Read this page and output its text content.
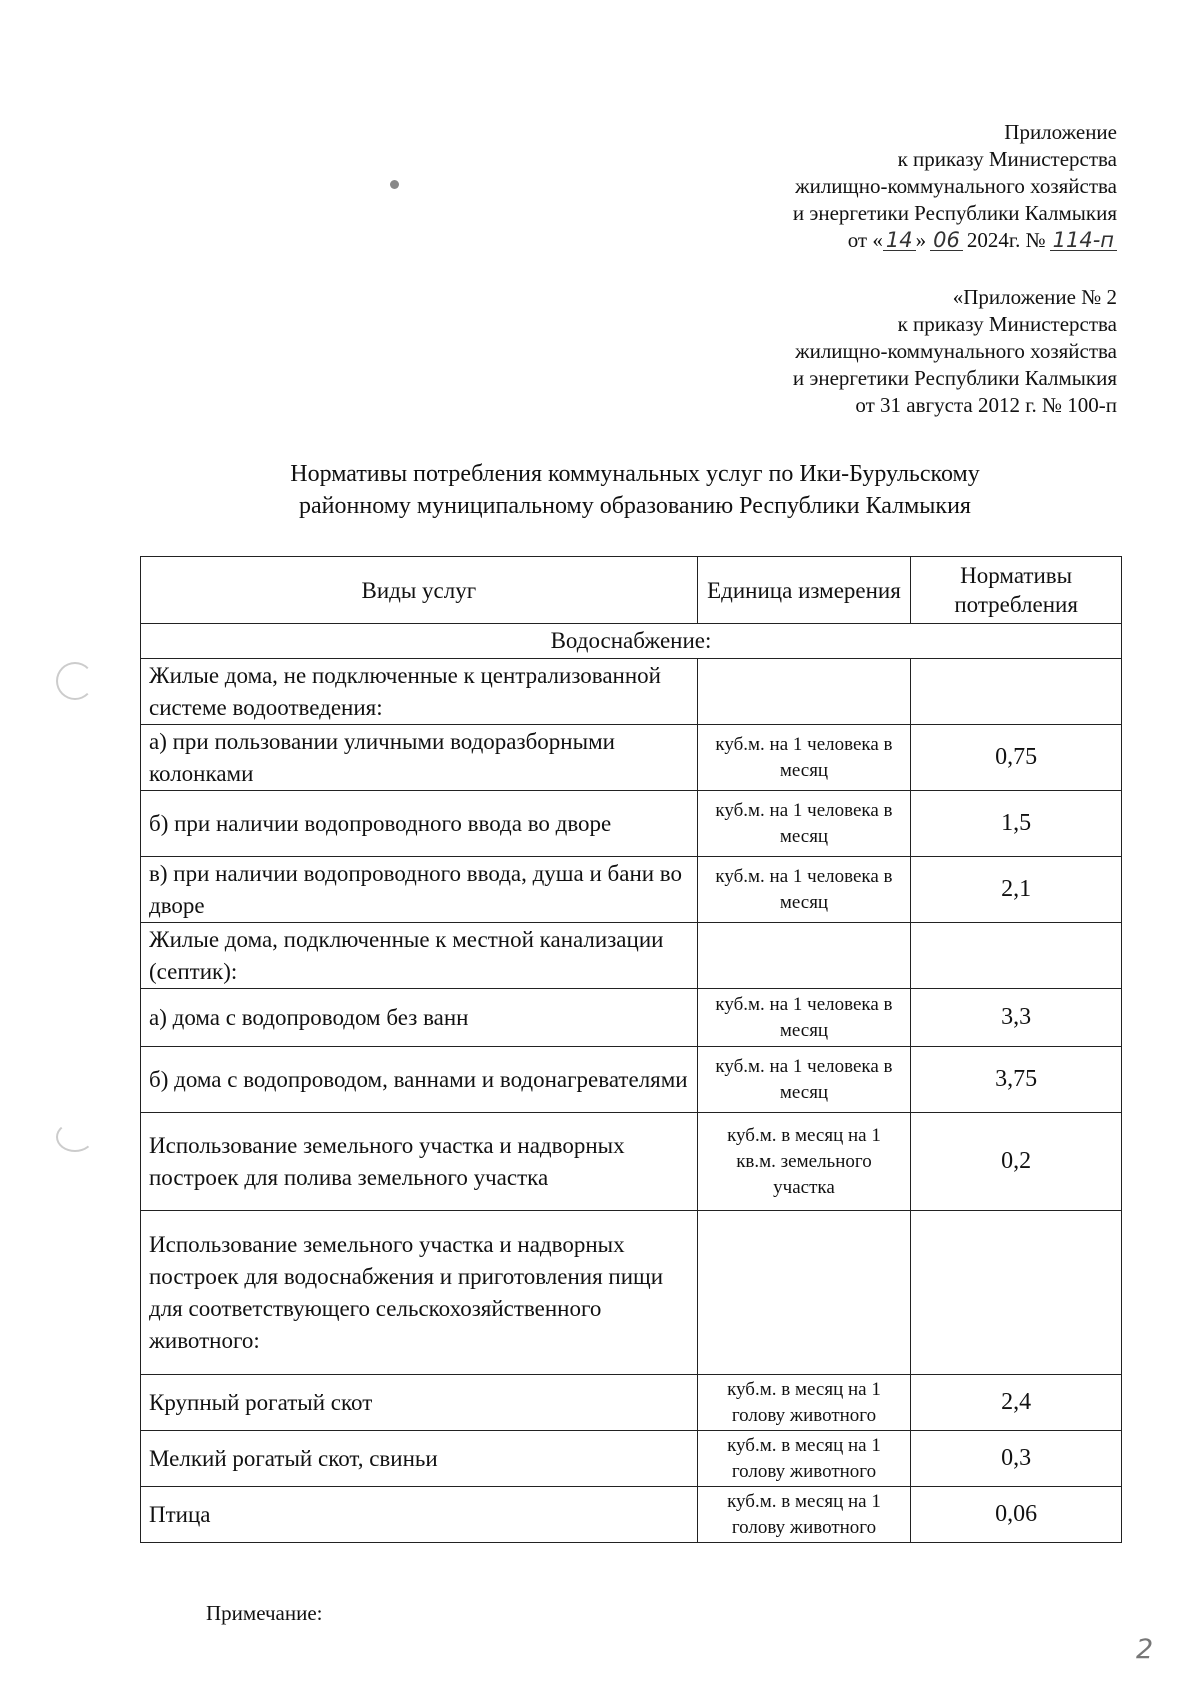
Приложение
к приказу Министерства
жилищно-коммунального хозяйства
и энергетики Республики Калмыкия
от « 14 » 06 2024г. № 114-п
«Приложение № 2
к приказу Министерства
жилищно-коммунального хозяйства
и энергетики Республики Калмыкия
от 31 августа 2012 г. № 100-п
Нормативы потребления коммунальных услуг по Ики-Бурульскому
районному муниципальному образованию Республики Калмыкия
Виды услуг	Единица измерения	Нормативы потребления
Водоснабжение:		
Жилые дома, не подключенные к централизованной системе водоотведения:		
а) при пользовании уличными водоразборными колонками	куб.м. на 1 человека в месяц	0,75
б) при наличии водопроводного ввода во дворе	куб.м. на 1 человека в месяц	1,5
в) при наличии водопроводного ввода, душа и бани во дворе	куб.м. на 1 человека в месяц	2,1
Жилые дома, подключенные к местной канализации (септик):		
а) дома с водопроводом без ванн	куб.м. на 1 человека в месяц	3,3
б) дома с водопроводом, ваннами и водонагревателями	куб.м. на 1 человека в месяц	3,75
Использование земельного участка и надворных построек для полива земельного участка	куб.м. в месяц на 1 кв.м. земельного участка	0,2
Использование земельного участка и надворных построек для водоснабжения и приготовления пищи для соответствующего сельскохозяйственного животного:		
Крупный рогатый скот	куб.м. в месяц на 1 голову животного	2,4
Мелкий рогатый скот, свиньи	куб.м. в месяц на 1 голову животного	0,3
Птица	куб.м. в месяц на 1 голову животного	0,06
Примечание:
2
